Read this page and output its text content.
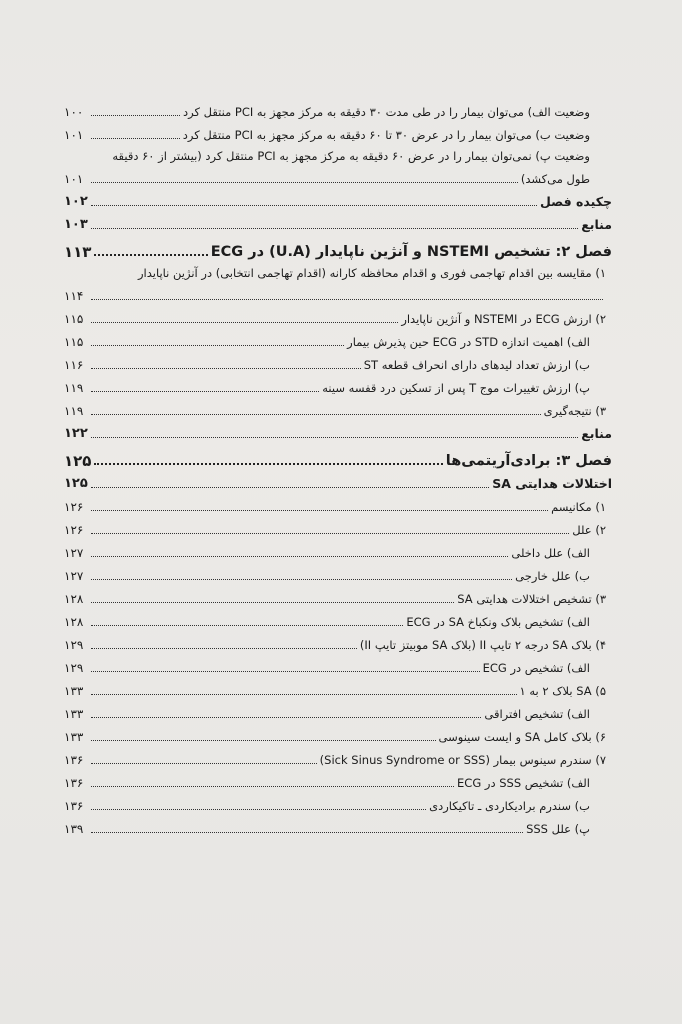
وضعیت الف) می‌توان بیمار را در طی مدت ۳۰ دقیقه به مرکز مجهز به PCI منتقل کرد
۱۰۰
وضعیت ب) می‌توان بیمار را در عرض ۳۰ تا ۶۰ دقیقه به مرکز مجهز به PCI منتقل کرد
۱۰۱
وضعیت پ) نمی‌توان بیمار را در عرض ۶۰ دقیقه به مرکز مجهز به PCI منتقل کرد (بیشتر از ۶۰ دقیقه
طول می‌کشد)
۱۰۱
چکیده فصل
۱۰۲
منابع
۱۰۳
فصل ۲: تشخیص NSTEMI و آنژین ناپایدار (U.A) در ECG
۱۱۳
۱) مقایسه بین اقدام تهاجمی فوری و اقدام محافظه کارانه (اقدام تهاجمی انتخابی) در آنژین ناپایدار
۱۱۴
۲) ارزش ECG در NSTEMI و آنژین ناپایدار
۱۱۵
الف) اهمیت اندازه STD در ECG حین پذیرش بیمار
۱۱۵
ب) ارزش تعداد لیدهای دارای انحراف قطعه ST
۱۱۶
پ) ارزش تغییرات موج T پس از تسکین درد قفسه سینه
۱۱۹
۳) نتیجه‌گیری
۱۱۹
منابع
۱۲۲
فصل ۳: برادی‌آریتمی‌ها
۱۲۵
اختلالات هدایتی SA
۱۲۵
۱) مکانیسم
۱۲۶
۲) علل
۱۲۶
الف) علل داخلی
۱۲۷
ب) علل خارجی
۱۲۷
۳) تشخیص اختلالات هدایتی SA
۱۲۸
الف) تشخیص بلاک ونکباخ SA در ECG
۱۲۸
۴) بلاک SA درجه ۲ تایپ II (بلاک SA موبیتز تایپ II)
۱۲۹
الف) تشخیص در ECG
۱۲۹
۵) SA بلاک ۲ به ۱
۱۳۳
الف) تشخیص افتراقی
۱۳۳
۶) بلاک کامل SA و ایست سینوسی
۱۳۳
۷) سندرم سینوس بیمار (Sick Sinus Syndrome or SSS)
۱۳۶
الف) تشخیص SSS در ECG
۱۳۶
ب) سندرم برادیکاردی ـ تاکیکاردی
۱۳۶
پ) علل SSS
۱۳۹
